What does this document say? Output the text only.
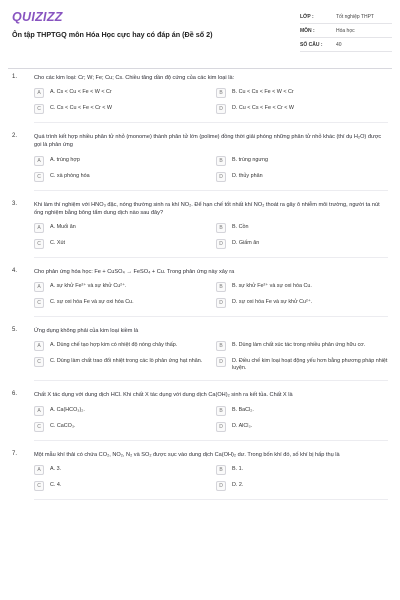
QUIZIZZ
Ôn tập THPTGQ môn Hóa Học cực hay có đáp án (Đề số 2)
LỚP :	Tốt nghiệp THPT
MÔN :	Hóa học
SỐ CÂU :	40
1.	Cho các kim loại: Cr; W; Fe; Cu; Cs. Chiều tăng dần độ cứng của các kim loại là:
A	A. Cs < Cu < Fe < W < Cr	B	B. Cu < Cs < Fe < W < Cr
C	C. Cs < Cu < Fe < Cr < W	D	D. Cu < Cs < Fe < Cr < W
2.	Quá trình kết hợp nhiều phân tử nhỏ (monome) thành phân tử lớn (polime) đồng thời giải phóng những phân tử nhỏ khác (thí dụ H₂O) được gọi là phản ứng
A	A. trùng hợp	B	B. trùng ngưng
C	C. xà phòng hóa	D	D. thủy phân
3.	Khi làm thí nghiệm với HNO₃ đặc, nóng thường sinh ra khí NO₂. Để hạn chế tốt nhất khí NO₂ thoát ra gây ô nhiễm môi trường, người ta nút ống nghiệm bằng bông tẩm dung dịch nào sau đây?
A	A. Muối ăn	B	B. Cồn
C	C. Xút	D	D. Giấm ăn
4.	Cho phản ứng hóa học: Fe + CuSO₄ → FeSO₄ + Cu. Trong phản ứng này xảy ra
A	A. sự khử Fe²⁺ và sự khử Cu²⁺.	B	B. sự khử Fe²⁺ và sự oxi hóa Cu.
C	C. sự oxi hóa Fe và sự oxi hóa Cu.	D	D. sự oxi hóa Fe và sự khử Cu²⁺.
5.	Ứng dụng không phải của kim loại kiềm là
A	A. Dùng chế tạo hợp kim có nhiệt độ nóng chảy thấp.	B	B. Dùng làm chất xúc tác trong nhiều phản ứng hữu cơ.
C	C. Dùng làm chất trao đổi nhiệt trong các lò phản ứng hạt nhân.	D	D. Điều chế kim loại hoạt động yếu hơn bằng phương pháp nhiệt luyện.
6.	Chất X tác dụng với dung dịch HCl. Khi chất X tác dụng với dung dịch Ca(OH)₂ sinh ra kết tủa. Chất X là
A	A. Ca(HCO₃)₂.	B	B. BaCl₂.
C	C. CaCO₃.	D	D. AlCl₃.
7.	Một mẫu khí thải có chứa CO₂, NO₂, N₂ và SO₂ được sục vào dung dịch Ca(OH)₂ dư. Trong bốn khí đó, số khí bị hấp thụ là
A	A. 3.	B	B. 1.
C	C. 4.	D	D. 2.
